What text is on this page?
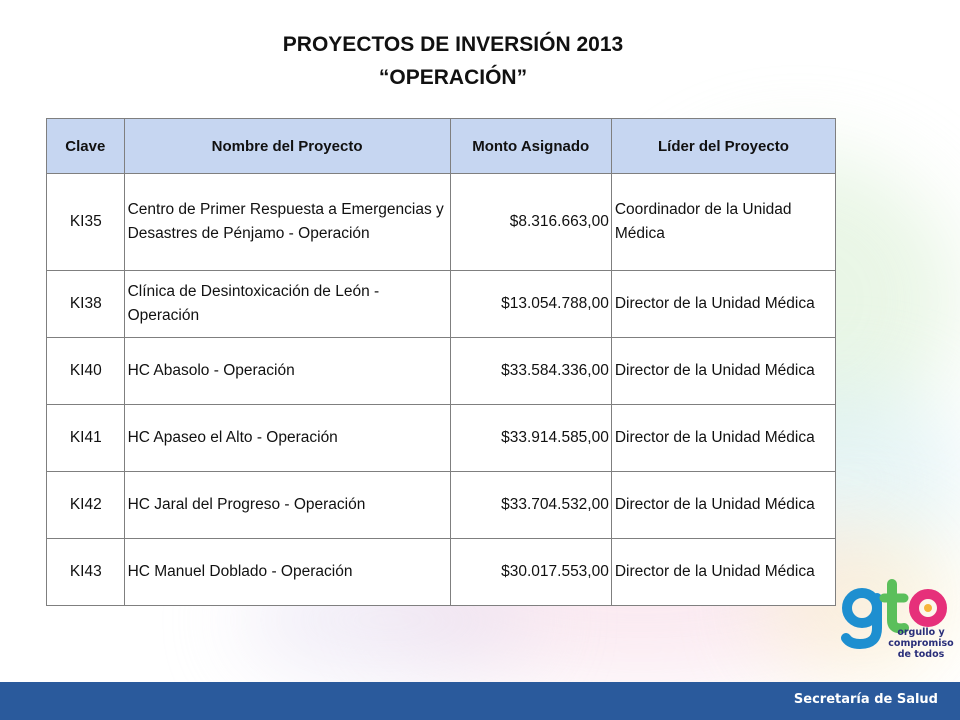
PROYECTOS DE INVERSIÓN 2013
“OPERACIÓN”
Clave	Nombre del Proyecto	Monto Asignado	Líder del Proyecto
KI35	Centro de Primer Respuesta a Emergencias y Desastres de Pénjamo - Operación	$8.316.663,00	Coordinador de la Unidad Médica
KI38	Clínica de Desintoxicación de León - Operación	$13.054.788,00	Director de la Unidad Médica
KI40	HC Abasolo - Operación	$33.584.336,00	Director de la Unidad Médica
KI41	HC Apaseo el Alto - Operación	$33.914.585,00	Director de la Unidad Médica
KI42	HC Jaral del Progreso - Operación	$33.704.532,00	Director de la Unidad Médica
KI43	HC Manuel Doblado - Operación	$30.017.553,00	Director de la Unidad Médica
orgullo y
compromiso
de todos
Secretaría de Salud
